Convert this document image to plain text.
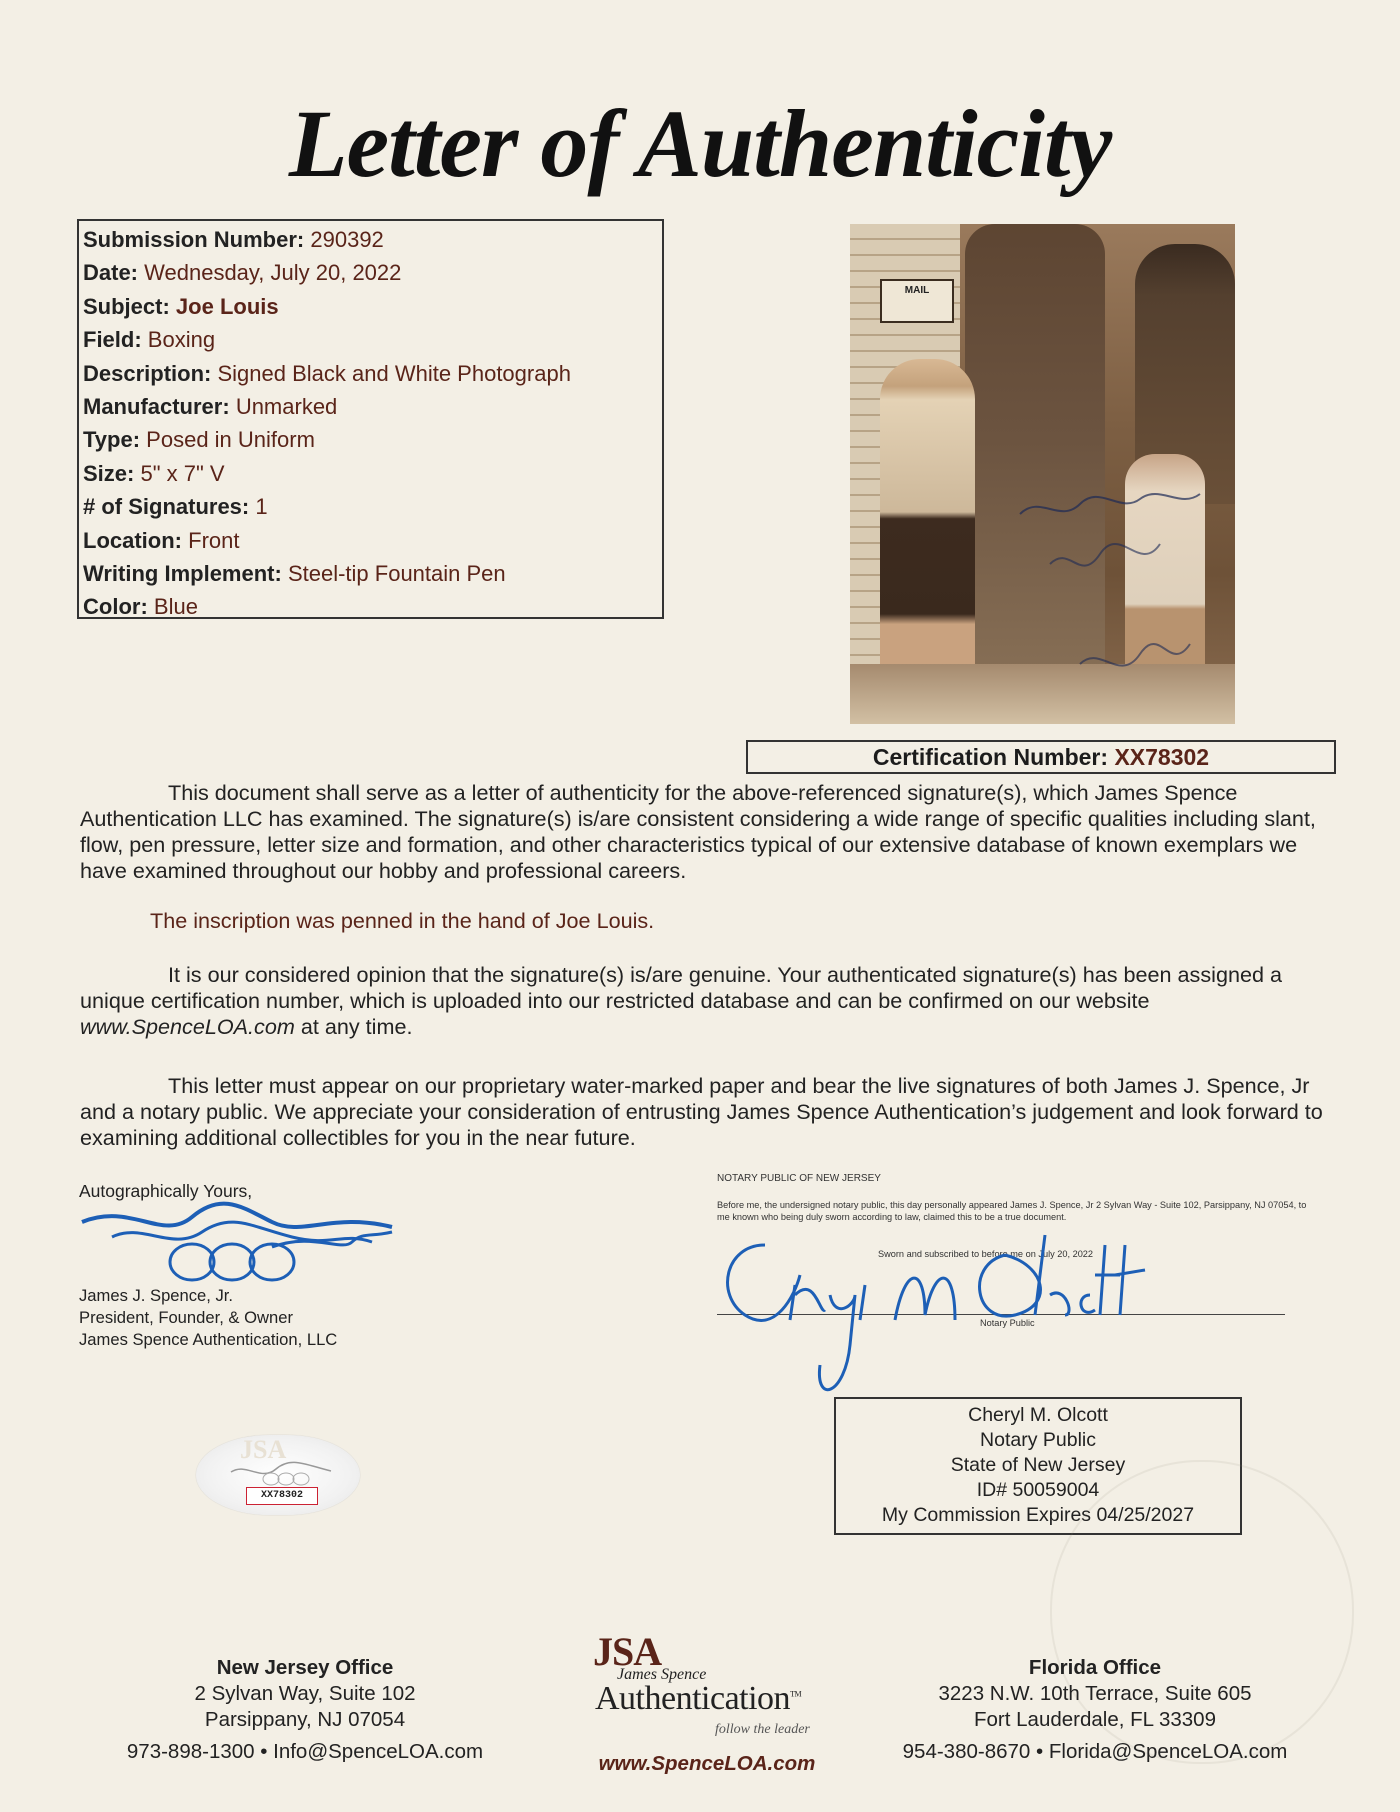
Letter of Authenticity
Submission Number: 290392
Date: Wednesday, July 20, 2022
Subject: Joe Louis
Field: Boxing
Description: Signed Black and White Photograph
Manufacturer: Unmarked
Type: Posed in Uniform
Size: 5" x 7" V
# of Signatures: 1
Location: Front
Writing Implement: Steel-tip Fountain Pen
Color: Blue
MAIL
Certification Number: XX78302
This document shall serve as a letter of authenticity for the above-referenced signature(s), which James Spence Authentication LLC has examined. The signature(s) is/are consistent considering a wide range of specific qualities including slant, flow, pen pressure, letter size and formation, and other characteristics typical of our extensive database of known exemplars we have examined throughout our hobby and professional careers.
The inscription was penned in the hand of Joe Louis.
It is our considered opinion that the signature(s) is/are genuine. Your authenticated signature(s) has been assigned a unique certification number, which is uploaded into our restricted database and can be confirmed on our website www.SpenceLOA.com at any time.
This letter must appear on our proprietary water-marked paper and bear the live signatures of both James J. Spence, Jr and a notary public. We appreciate your consideration of entrusting James Spence Authentication’s judgement and look forward to examining additional collectibles for you in the near future.
Autographically Yours,
James J. Spence, Jr.
President, Founder, & Owner
James Spence Authentication, LLC
NOTARY PUBLIC OF NEW JERSEY
Before me, the undersigned notary public, this day personally appeared James J. Spence, Jr 2 Sylvan Way - Suite 102, Parsippany, NJ 07054, to me known who being duly sworn according to law, claimed this to be a true document.
Sworn and subscribed to before me on July 20, 2022
Notary Public
Cheryl M. Olcott
Notary Public
State of New Jersey
ID# 50059004
My Commission Expires 04/25/2027
JSA
XX78302
New Jersey Office
2 Sylvan Way, Suite 102
Parsippany, NJ 07054
973-898-1300 • Info@SpenceLOA.com
JSA
James Spence
Authentication™
follow the leader
www.SpenceLOA.com
Florida Office
3223 N.W. 10th Terrace, Suite 605
Fort Lauderdale, FL 33309
954-380-8670 • Florida@SpenceLOA.com
